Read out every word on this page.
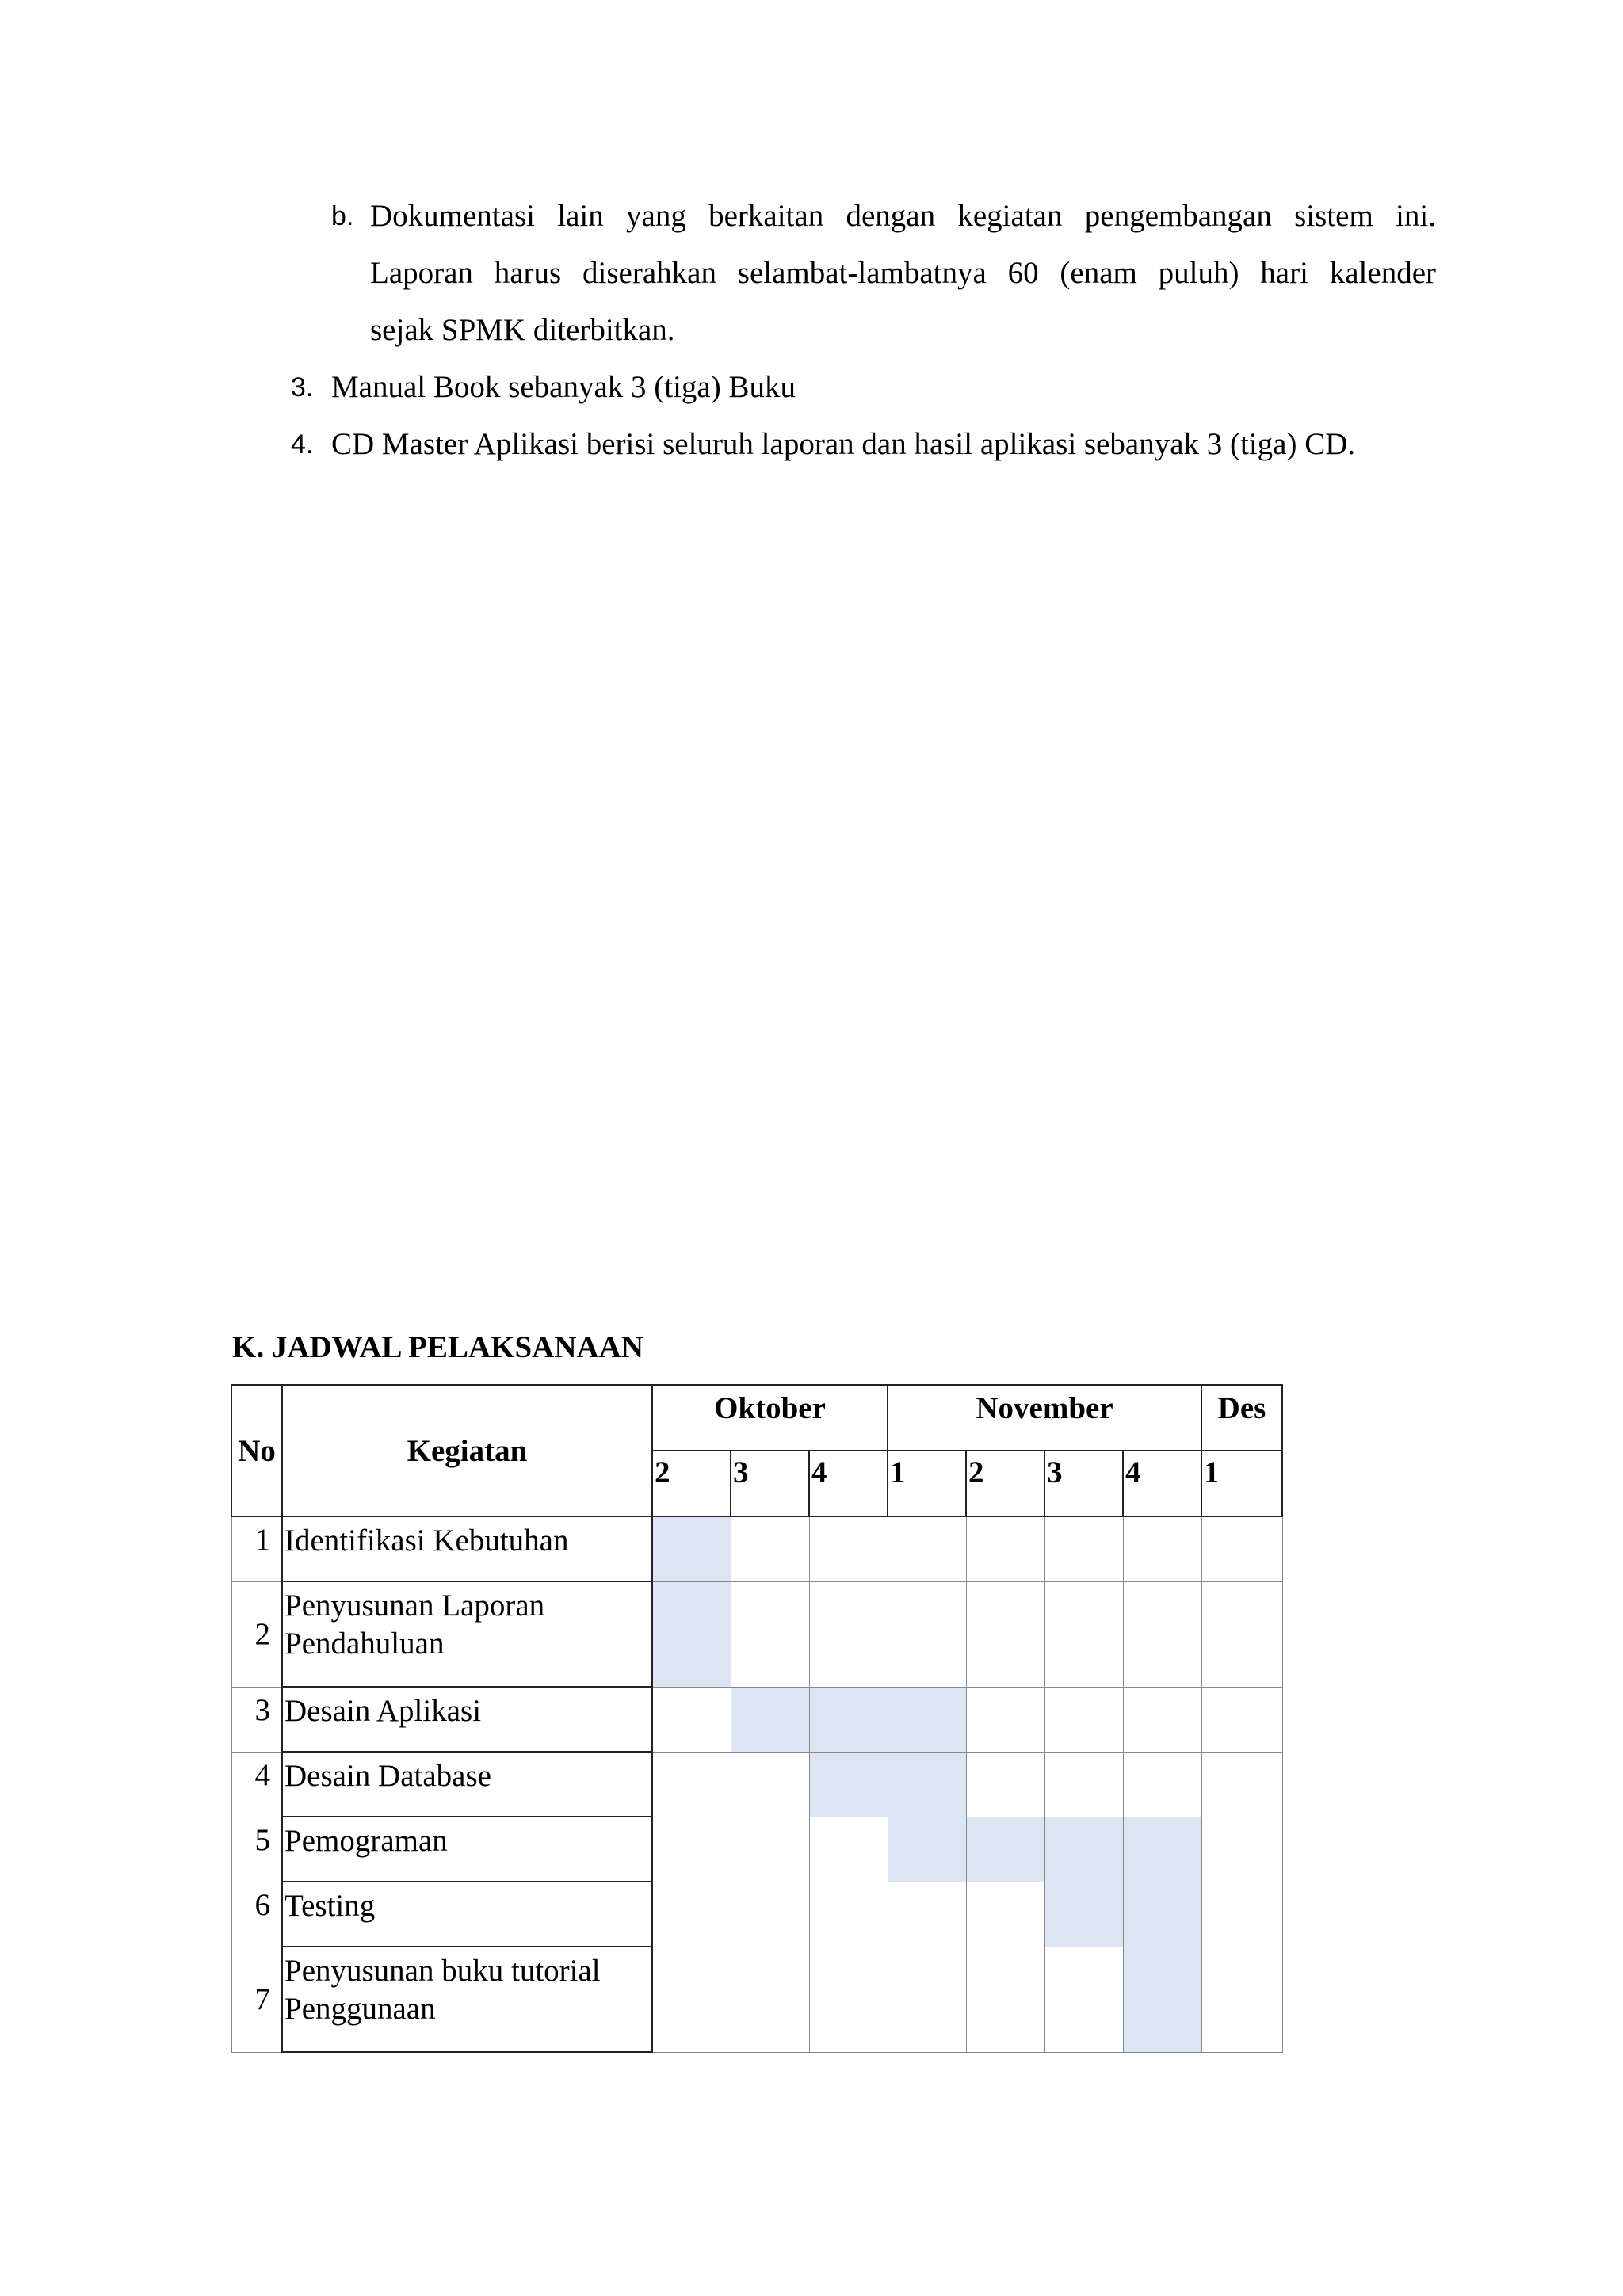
b. Dokumentasi lain yang berkaitan dengan kegiatan pengembangan sistem ini.
Laporan harus diserahkan selambat-lambatnya 60 (enam puluh) hari kalender
sejak SPMK diterbitkan.
3. Manual Book sebanyak 3 (tiga) Buku
4. CD Master Aplikasi berisi seluruh laporan dan hasil aplikasi sebanyak 3 (tiga) CD.
K. JADWAL PELAKSANAAN
No	Kegiatan	Oktober			November				Des
		2	3	4	1	2	3	4	1
1	Identifikasi Kebutuhan								
2	Penyusunan Laporan
Pendahuluan								

3	Desain Aplikasi								
4	Desain Database								
5	Pemograman								
6	Testing								
7	Penyusunan buku tutorial
Penggunaan								
